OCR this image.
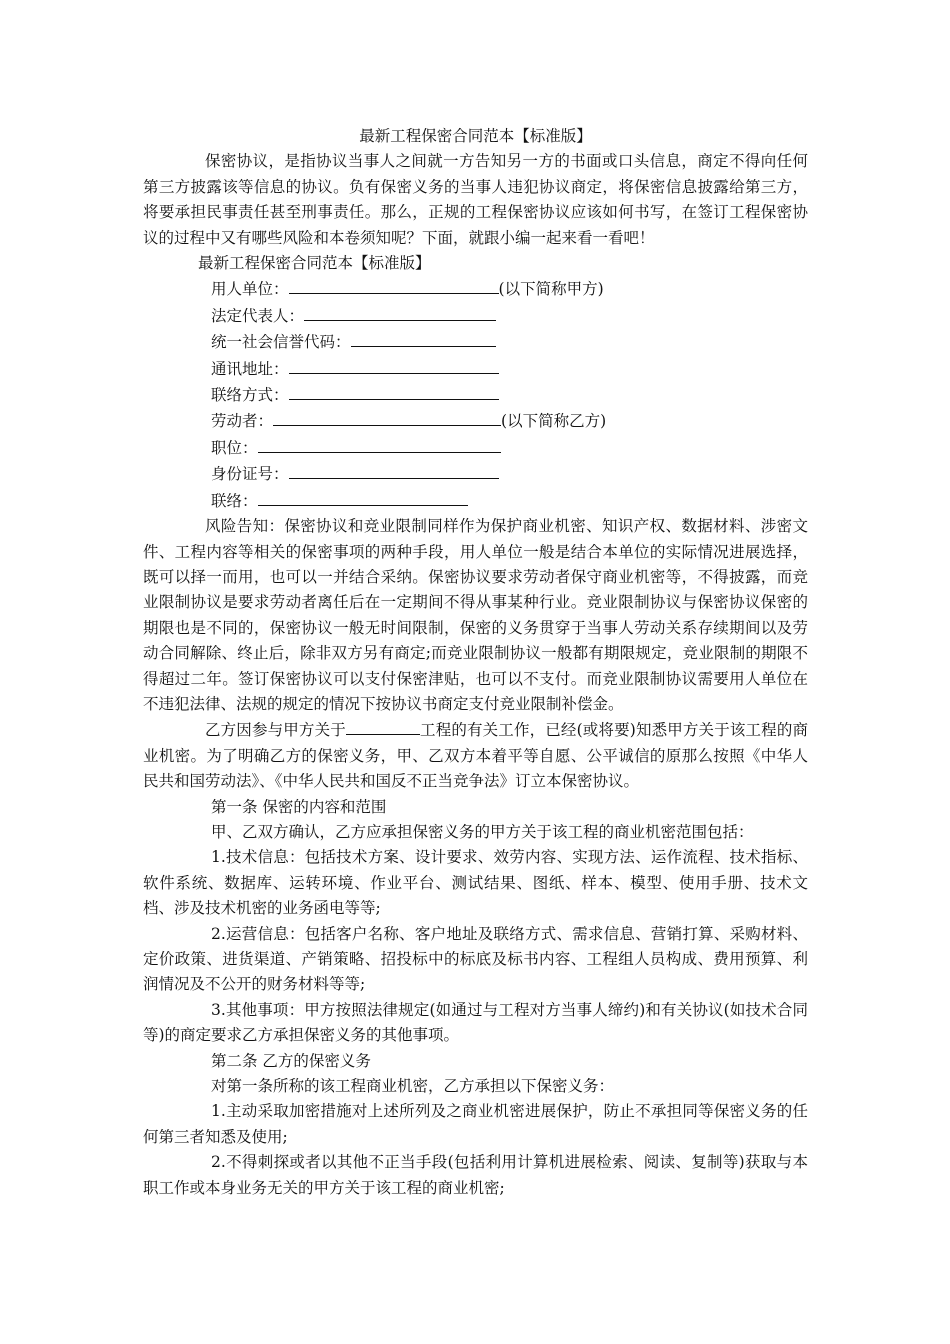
最新工程保密合同范本【标准版】

保密协议，是指协议当事人之间就一方告知另一方的书面或口头信息，商定不得向任何第三方披露该等信息的协议。负有保密义务的当事人违犯协议商定，将保密信息披露给第三方，将要承担民事责任甚至刑事责任。那么，正规的工程保密协议应该如何书写，在签订工程保密协议的过程中又有哪些风险和本卷须知呢？下面，就跟小编一起来看一看吧！

最新工程保密合同范本【标准版】

用人单位：	(以下简称甲方)

法定代表人：

统一社会信誉代码：

通讯地址：

联络方式：

劳动者：	(以下简称乙方)

职位：

身份证号：

联络：

风险告知：保密协议和竞业限制同样作为保护商业机密、知识产权、数据材料、涉密文件、工程内容等相关的保密事项的两种手段，用人单位一般是结合本单位的实际情况进展选择，既可以择一而用，也可以一并结合采纳。保密协议要求劳动者保守商业机密等，不得披露，而竞业限制协议是要求劳动者离任后在一定期间不得从事某种行业。竞业限制协议与保密协议保密的期限也是不同的，保密协议一般无时间限制，保密的义务贯穿于当事人劳动关系存续期间以及劳动合同解除、终止后，除非双方另有商定;而竞业限制协议一般都有期限规定，竞业限制的期限不得超过二年。签订保密协议可以支付保密津贴，也可以不支付。而竞业限制协议需要用人单位在不违犯法律、法规的规定的情况下按协议书商定支付竞业限制补偿金。

乙方因参与甲方关于	工程的有关工作，已经(或将要)知悉甲方关于该工程的商业机密。为了明确乙方的保密义务，甲、乙双方本着平等自愿、公平诚信的原那么按照《中华人民共和国劳动法》、《中华人民共和国反不正当竞争法》订立本保密协议。

第一条 保密的内容和范围

甲、乙双方确认，乙方应承担保密义务的甲方关于该工程的商业机密范围包括：

1.技术信息：包括技术方案、设计要求、效劳内容、实现方法、运作流程、技术指标、软件系统、数据库、运转环境、作业平台、测试结果、图纸、样本、模型、使用手册、技术文档、涉及技术机密的业务函电等等;

2.运营信息：包括客户名称、客户地址及联络方式、需求信息、营销打算、采购材料、定价政策、进货渠道、产销策略、招投标中的标底及标书内容、工程组人员构成、费用预算、利润情况及不公开的财务材料等等;

3.其他事项：甲方按照法律规定(如通过与工程对方当事人缔约)和有关协议(如技术合同等)的商定要求乙方承担保密义务的其他事项。

第二条 乙方的保密义务

对第一条所称的该工程商业机密，乙方承担以下保密义务：

1.主动采取加密措施对上述所列及之商业机密进展保护，防止不承担同等保密义务的任何第三者知悉及使用;

2.不得刺探或者以其他不正当手段(包括利用计算机进展检索、阅读、复制等)获取与本职工作或本身业务无关的甲方关于该工程的商业机密;
